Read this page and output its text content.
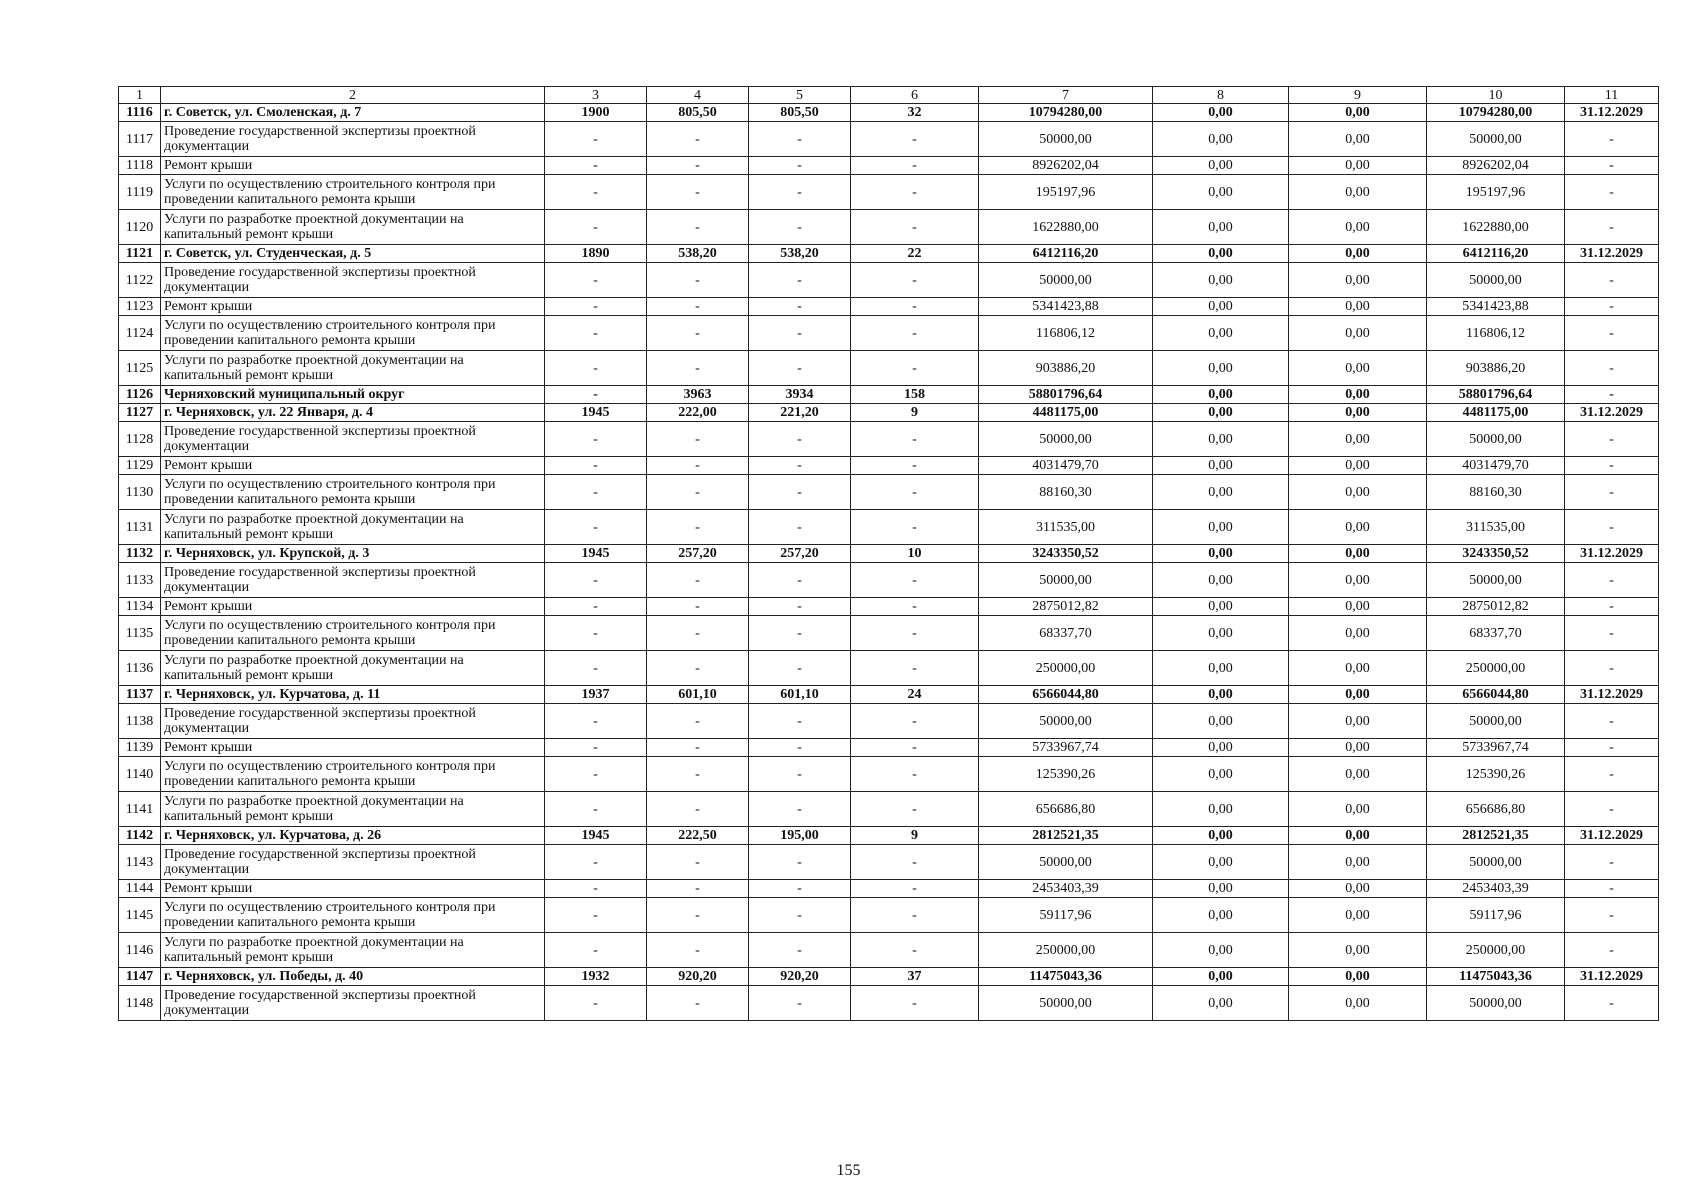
1	2	3	4	5	6	7	8	9	10	11
1116	г. Советск, ул. Смоленская, д. 7	1900	805,50	805,50	32	10794280,00	0,00	0,00	10794280,00	31.12.2029
1117	Проведение государственной экспертизы проектной документации	-	-	-	-	50000,00	0,00	0,00	50000,00	-
1118	Ремонт крыши	-	-	-	-	8926202,04	0,00	0,00	8926202,04	-
1119	Услуги по осуществлению строительного контроля при проведении капитального ремонта крыши	-	-	-	-	195197,96	0,00	0,00	195197,96	-
1120	Услуги по разработке проектной документации на капитальный ремонт крыши	-	-	-	-	1622880,00	0,00	0,00	1622880,00	-
1121	г. Советск, ул. Студенческая, д. 5	1890	538,20	538,20	22	6412116,20	0,00	0,00	6412116,20	31.12.2029
1122	Проведение государственной экспертизы проектной документации	-	-	-	-	50000,00	0,00	0,00	50000,00	-
1123	Ремонт крыши	-	-	-	-	5341423,88	0,00	0,00	5341423,88	-
1124	Услуги по осуществлению строительного контроля при проведении капитального ремонта крыши	-	-	-	-	116806,12	0,00	0,00	116806,12	-
1125	Услуги по разработке проектной документации на капитальный ремонт крыши	-	-	-	-	903886,20	0,00	0,00	903886,20	-
1126	Черняховский муниципальный округ	-	3963	3934	158	58801796,64	0,00	0,00	58801796,64	-
1127	г. Черняховск, ул. 22 Января, д. 4	1945	222,00	221,20	9	4481175,00	0,00	0,00	4481175,00	31.12.2029
1128	Проведение государственной экспертизы проектной документации	-	-	-	-	50000,00	0,00	0,00	50000,00	-
1129	Ремонт крыши	-	-	-	-	4031479,70	0,00	0,00	4031479,70	-
1130	Услуги по осуществлению строительного контроля при проведении капитального ремонта крыши	-	-	-	-	88160,30	0,00	0,00	88160,30	-
1131	Услуги по разработке проектной документации на капитальный ремонт крыши	-	-	-	-	311535,00	0,00	0,00	311535,00	-
1132	г. Черняховск, ул. Крупской, д. 3	1945	257,20	257,20	10	3243350,52	0,00	0,00	3243350,52	31.12.2029
1133	Проведение государственной экспертизы проектной документации	-	-	-	-	50000,00	0,00	0,00	50000,00	-
1134	Ремонт крыши	-	-	-	-	2875012,82	0,00	0,00	2875012,82	-
1135	Услуги по осуществлению строительного контроля при проведении капитального ремонта крыши	-	-	-	-	68337,70	0,00	0,00	68337,70	-
1136	Услуги по разработке проектной документации на капитальный ремонт крыши	-	-	-	-	250000,00	0,00	0,00	250000,00	-
1137	г. Черняховск, ул. Курчатова, д. 11	1937	601,10	601,10	24	6566044,80	0,00	0,00	6566044,80	31.12.2029
1138	Проведение государственной экспертизы проектной документации	-	-	-	-	50000,00	0,00	0,00	50000,00	-
1139	Ремонт крыши	-	-	-	-	5733967,74	0,00	0,00	5733967,74	-
1140	Услуги по осуществлению строительного контроля при проведении капитального ремонта крыши	-	-	-	-	125390,26	0,00	0,00	125390,26	-
1141	Услуги по разработке проектной документации на капитальный ремонт крыши	-	-	-	-	656686,80	0,00	0,00	656686,80	-
1142	г. Черняховск, ул. Курчатова, д. 26	1945	222,50	195,00	9	2812521,35	0,00	0,00	2812521,35	31.12.2029
1143	Проведение государственной экспертизы проектной документации	-	-	-	-	50000,00	0,00	0,00	50000,00	-
1144	Ремонт крыши	-	-	-	-	2453403,39	0,00	0,00	2453403,39	-
1145	Услуги по осуществлению строительного контроля при проведении капитального ремонта крыши	-	-	-	-	59117,96	0,00	0,00	59117,96	-
1146	Услуги по разработке проектной документации на капитальный ремонт крыши	-	-	-	-	250000,00	0,00	0,00	250000,00	-
1147	г. Черняховск, ул. Победы, д. 40	1932	920,20	920,20	37	11475043,36	0,00	0,00	11475043,36	31.12.2029
1148	Проведение государственной экспертизы проектной документации	-	-	-	-	50000,00	0,00	0,00	50000,00	-
155
